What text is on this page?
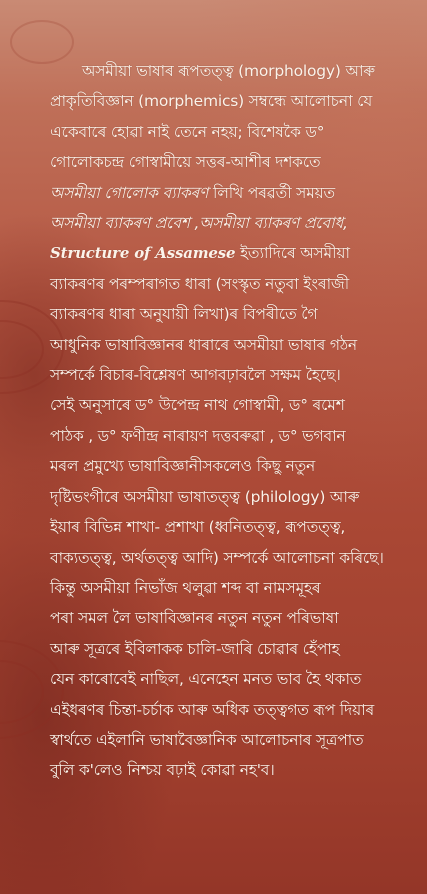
অসমীয়া ভাষাৰ ৰূপতত্ত্ব (morphology) আৰু
প্ৰাকৃতিবিজ্ঞান (morphemics) সম্বন্ধে আলোচনা যে
একেবাৰে হোৱা নাই তেনে নহয়; বিশেষকৈ ড°
গোলোকচন্দ্ৰ গোস্বামীয়ে সত্তৰ-আশীৰ দশকতে
অসমীয়া গোলোক ব্যাকৰণ লিখি পৰৱৰ্তী সময়ত
অসমীয়া ব্যাকৰণ প্ৰবেশ ,অসমীয়া ব্যাকৰণ প্ৰবোধ,
Structure of Assamese ইত্যাদিৰে অসমীয়া
ব্যাকৰণৰ পৰম্পৰাগত ধাৰা (সংস্কৃত নতুবা ইংৰাজী
ব্যাকৰণৰ ধাৰা অনুযায়ী লিখা)ৰ বিপৰীতে গৈ
আধুনিক ভাষাবিজ্ঞানৰ ধাৰাৰে অসমীয়া ভাষাৰ গঠন
সম্পৰ্কে বিচাৰ-বিশ্লেষণ আগবঢ়াবলৈ সক্ষম হৈছে।
সেই অনুসাৰে ড° উপেন্দ্ৰ নাথ গোস্বামী, ড° ৰমেশ
পাঠক , ড° ফণীন্দ্ৰ নাৰায়ণ দত্তবৰুৱা , ড° ভগবান
মৰল প্ৰমুখ্যে ভাষাবিজ্ঞানীসকলেও কিছু নতুন
দৃষ্টিভংগীৰে অসমীয়া ভাষাতত্ত্ব (philology) আৰু
ইয়াৰ বিভিন্ন শাখা- প্ৰশাখা (ধ্বনিতত্ত্ব, ৰূপতত্ত্ব,
বাক্যতত্ত্ব, অৰ্থতত্ত্ব আদি) সম্পৰ্কে আলোচনা কৰিছে।
কিন্তু অসমীয়া নিভাঁজ থলুৱা শব্দ বা নামসমূহৰ
পৰা সমল লৈ ভাষাবিজ্ঞানৰ নতুন নতুন পৰিভাষা
আৰু সূত্ৰৰে ইবিলাকক চালি-জাৰি চোৱাৰ হেঁপাহ
যেন কাৰোবেই নাছিল, এনেহেন মনত ভাব হৈ থকাত
এইধৰণৰ চিন্তা-চৰ্চাক আৰু অধিক তত্ত্বগত ৰূপ দিয়াৰ
স্বাৰ্থতে এইলানি ভাষাবৈজ্ঞানিক আলোচনাৰ সূত্ৰপাত
বুলি ক'লেও নিশ্চয় বঢ়াই কোৱা নহ'ব।
